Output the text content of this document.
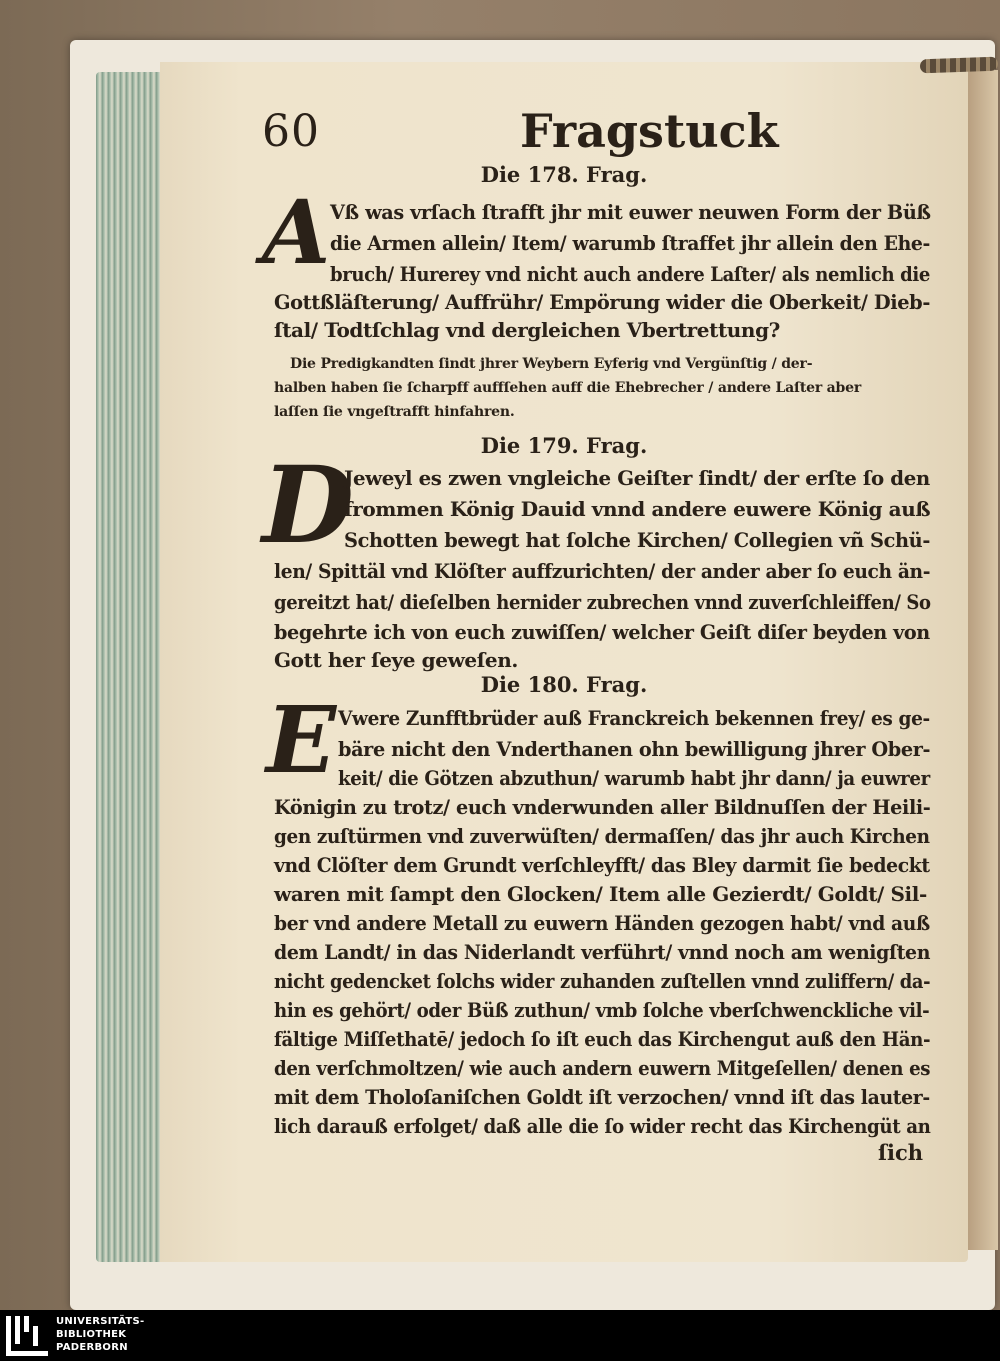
60	Fragstuck
Die 178. Frag.
A Vß was vrſach ſtrafft jhr mit euwer neuwen Form der Büß
die Armen allein/ Item/ warumb ſtraffet jhr allein den Ehe-
bruch/ Hurerey vnd nicht auch andere Laſter/ als nemlich die
Gottßläſterung/ Auffrühr/ Empörung wider die Oberkeit/ Dieb-
ſtal/ Todtſchlag vnd dergleichen Vbertrettung?
Die Predigkandten ſindt jhrer Weybern Eyferig vnd Vergünſtig / der-
halben haben ſie ſcharpff auffſehen auff die Ehebrecher / andere Laſter aber
laſſen ſie vngeſtrafft hinfahren.
Die 179. Frag.
D
Jeweyl es zwen vngleiche Geiſter ſindt/ der erſte ſo den
frommen König Dauid vnnd andere euwere König auß
Schotten bewegt hat ſolche Kirchen/ Collegien vñ Schü-
len/ Spittäl vnd Klöſter auffzurichten/ der ander aber ſo euch än-
gereitzt hat/ dieſelben hernider zubrechen vnnd zuverſchleiffen/ So
begehrte ich von euch zuwiſſen/ welcher Geiſt diſer beyden von
Gott her ſeye geweſen.
Die 180. Frag.
E Vwere Zunfftbrüder auß Franckreich bekennen frey/ es ge-
bäre nicht den Vnderthanen ohn bewilligung jhrer Ober-
keit/ die Götzen abzuthun/ warumb habt jhr dann/ ja euwrer
Königin zu trotz/ euch vnderwunden aller Bildnuſſen der Heili-
gen zuſtürmen vnd zuverwüſten/ dermaſſen/ das jhr auch Kirchen
vnd Clöſter dem Grundt verſchleyfft/ das Bley darmit ſie bedeckt
waren mit ſampt den Glocken/ Item alle Gezierdt/ Goldt/ Sil-
ber vnd andere Metall zu euwern Händen gezogen habt/ vnd auß
dem Landt/ in das Niderlandt verführt/ vnnd noch am wenigſten
nicht gedencket ſolchs wider zuhanden zuſtellen vnnd zuliffern/ da-
hin es gehört/ oder Büß zuthun/ vmb ſolche vberſchwenckliche vil-
fältige Miſſethatē/ jedoch ſo iſt euch das Kirchengut auß den Hän-
den verſchmoltzen/ wie auch andern euwern Mitgeſellen/ denen es
mit dem Tholoſaniſchen Goldt iſt verzochen/ vnnd iſt das lauter-
lich darauß erfolget/ daß alle die ſo wider recht das Kirchengüt an
ſich
UNIVERSITÄTS-
BIBLIOTHEK
PADERBORN
